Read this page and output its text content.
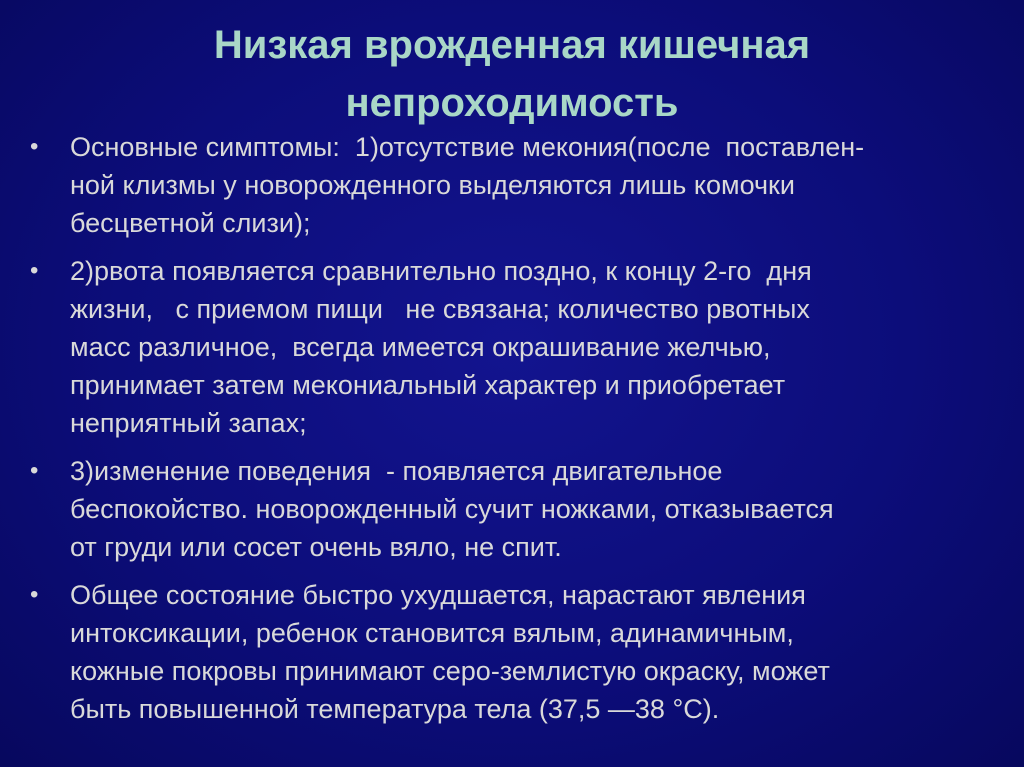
Низкая врожденная кишечная
непроходимость
•	Основные симптомы:  1)отсутствие мекония(после  поставлен-
ной клизмы у новорожденного выделяются лишь комочки
бесцветной слизи);
•	2)рвота появляется сравнительно поздно, к концу 2-го  дня
жизни,   с приемом пищи   не связана; количество рвотных
масс различное,  всегда имеется окрашивание желчью,
принимает затем мекониальный характер и приобретает
неприятный запах;
•	3)изменение поведения  - появляется двигательное
беспокойство. новорожденный сучит ножками, отказывается
от груди или сосет очень вяло, не спит.
•	Общее состояние быстро ухудшается, нарастают явления
интоксикации, ребенок становится вялым, адинамичным,
кожные покровы принимают серо-землистую окраску, может
быть повышенной температура тела (37,5 —38 °С).
